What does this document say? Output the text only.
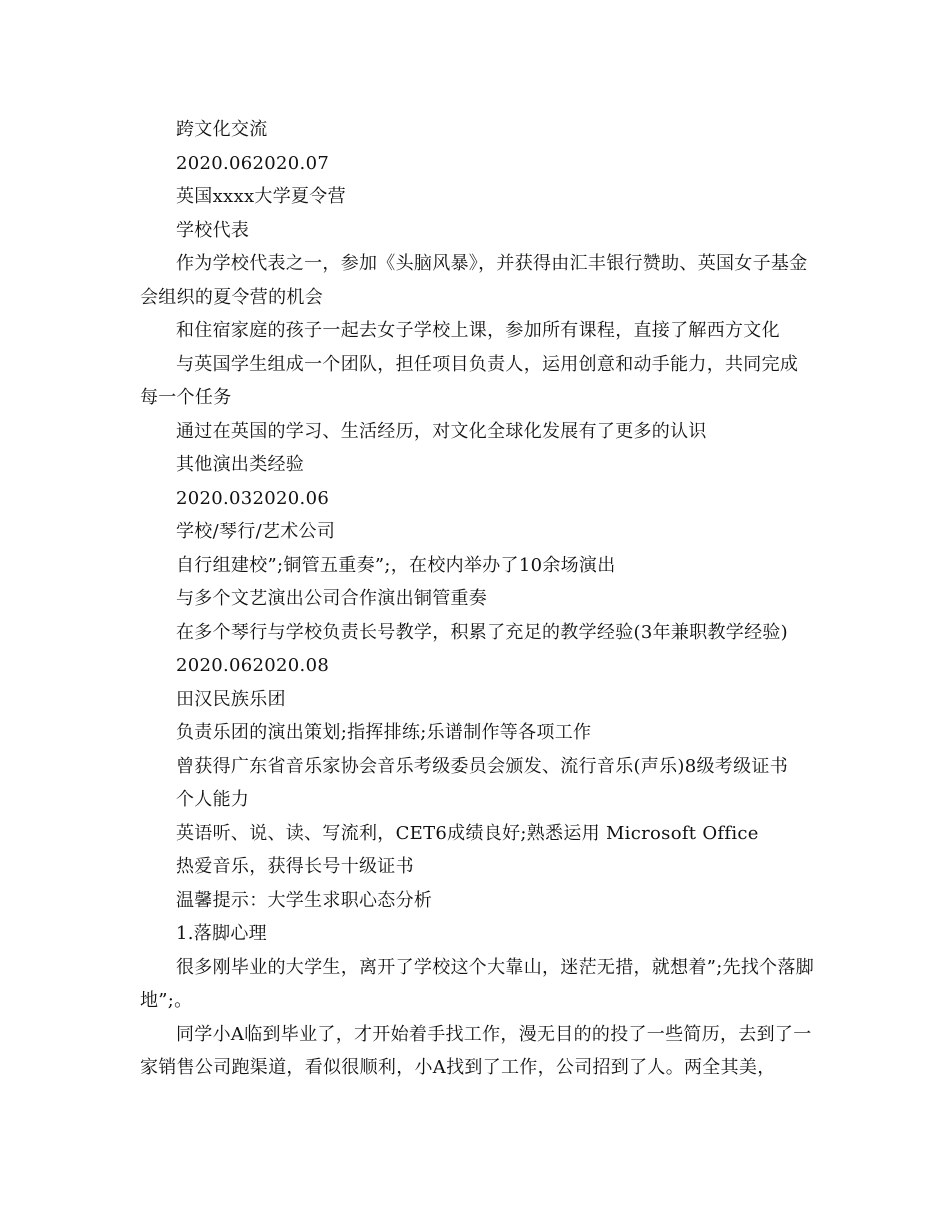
跨文化交流

2020.062020.07

英国xxxx大学夏令营

学校代表

作为学校代表之一，参加《头脑风暴》，并获得由汇丰银行赞助、英国女子基金会组织的夏令营的机会

和住宿家庭的孩子一起去女子学校上课，参加所有课程，直接了解西方文化

与英国学生组成一个团队，担任项目负责人，运用创意和动手能力，共同完成每一个任务

通过在英国的学习、生活经历，对文化全球化发展有了更多的认识

其他演出类经验

2020.032020.06

学校/琴行/艺术公司

自行组建校”;铜管五重奏”;，在校内举办了10余场演出

与多个文艺演出公司合作演出铜管重奏

在多个琴行与学校负责长号教学，积累了充足的教学经验(3年兼职教学经验)

2020.062020.08

田汉民族乐团

负责乐团的演出策划;指挥排练;乐谱制作等各项工作

曾获得广东省音乐家协会音乐考级委员会颁发、流行音乐(声乐)8级考级证书

个人能力

英语听、说、读、写流利，CET6成绩良好;熟悉运用 Microsoft Office

热爱音乐，获得长号十级证书

温馨提示：大学生求职心态分析

1.落脚心理

很多刚毕业的大学生，离开了学校这个大靠山，迷茫无措，就想着”;先找个落脚地”;。

同学小A临到毕业了，才开始着手找工作，漫无目的的投了一些简历，去到了一家销售公司跑渠道，看似很顺利，小A找到了工作，公司招到了人。两全其美，
